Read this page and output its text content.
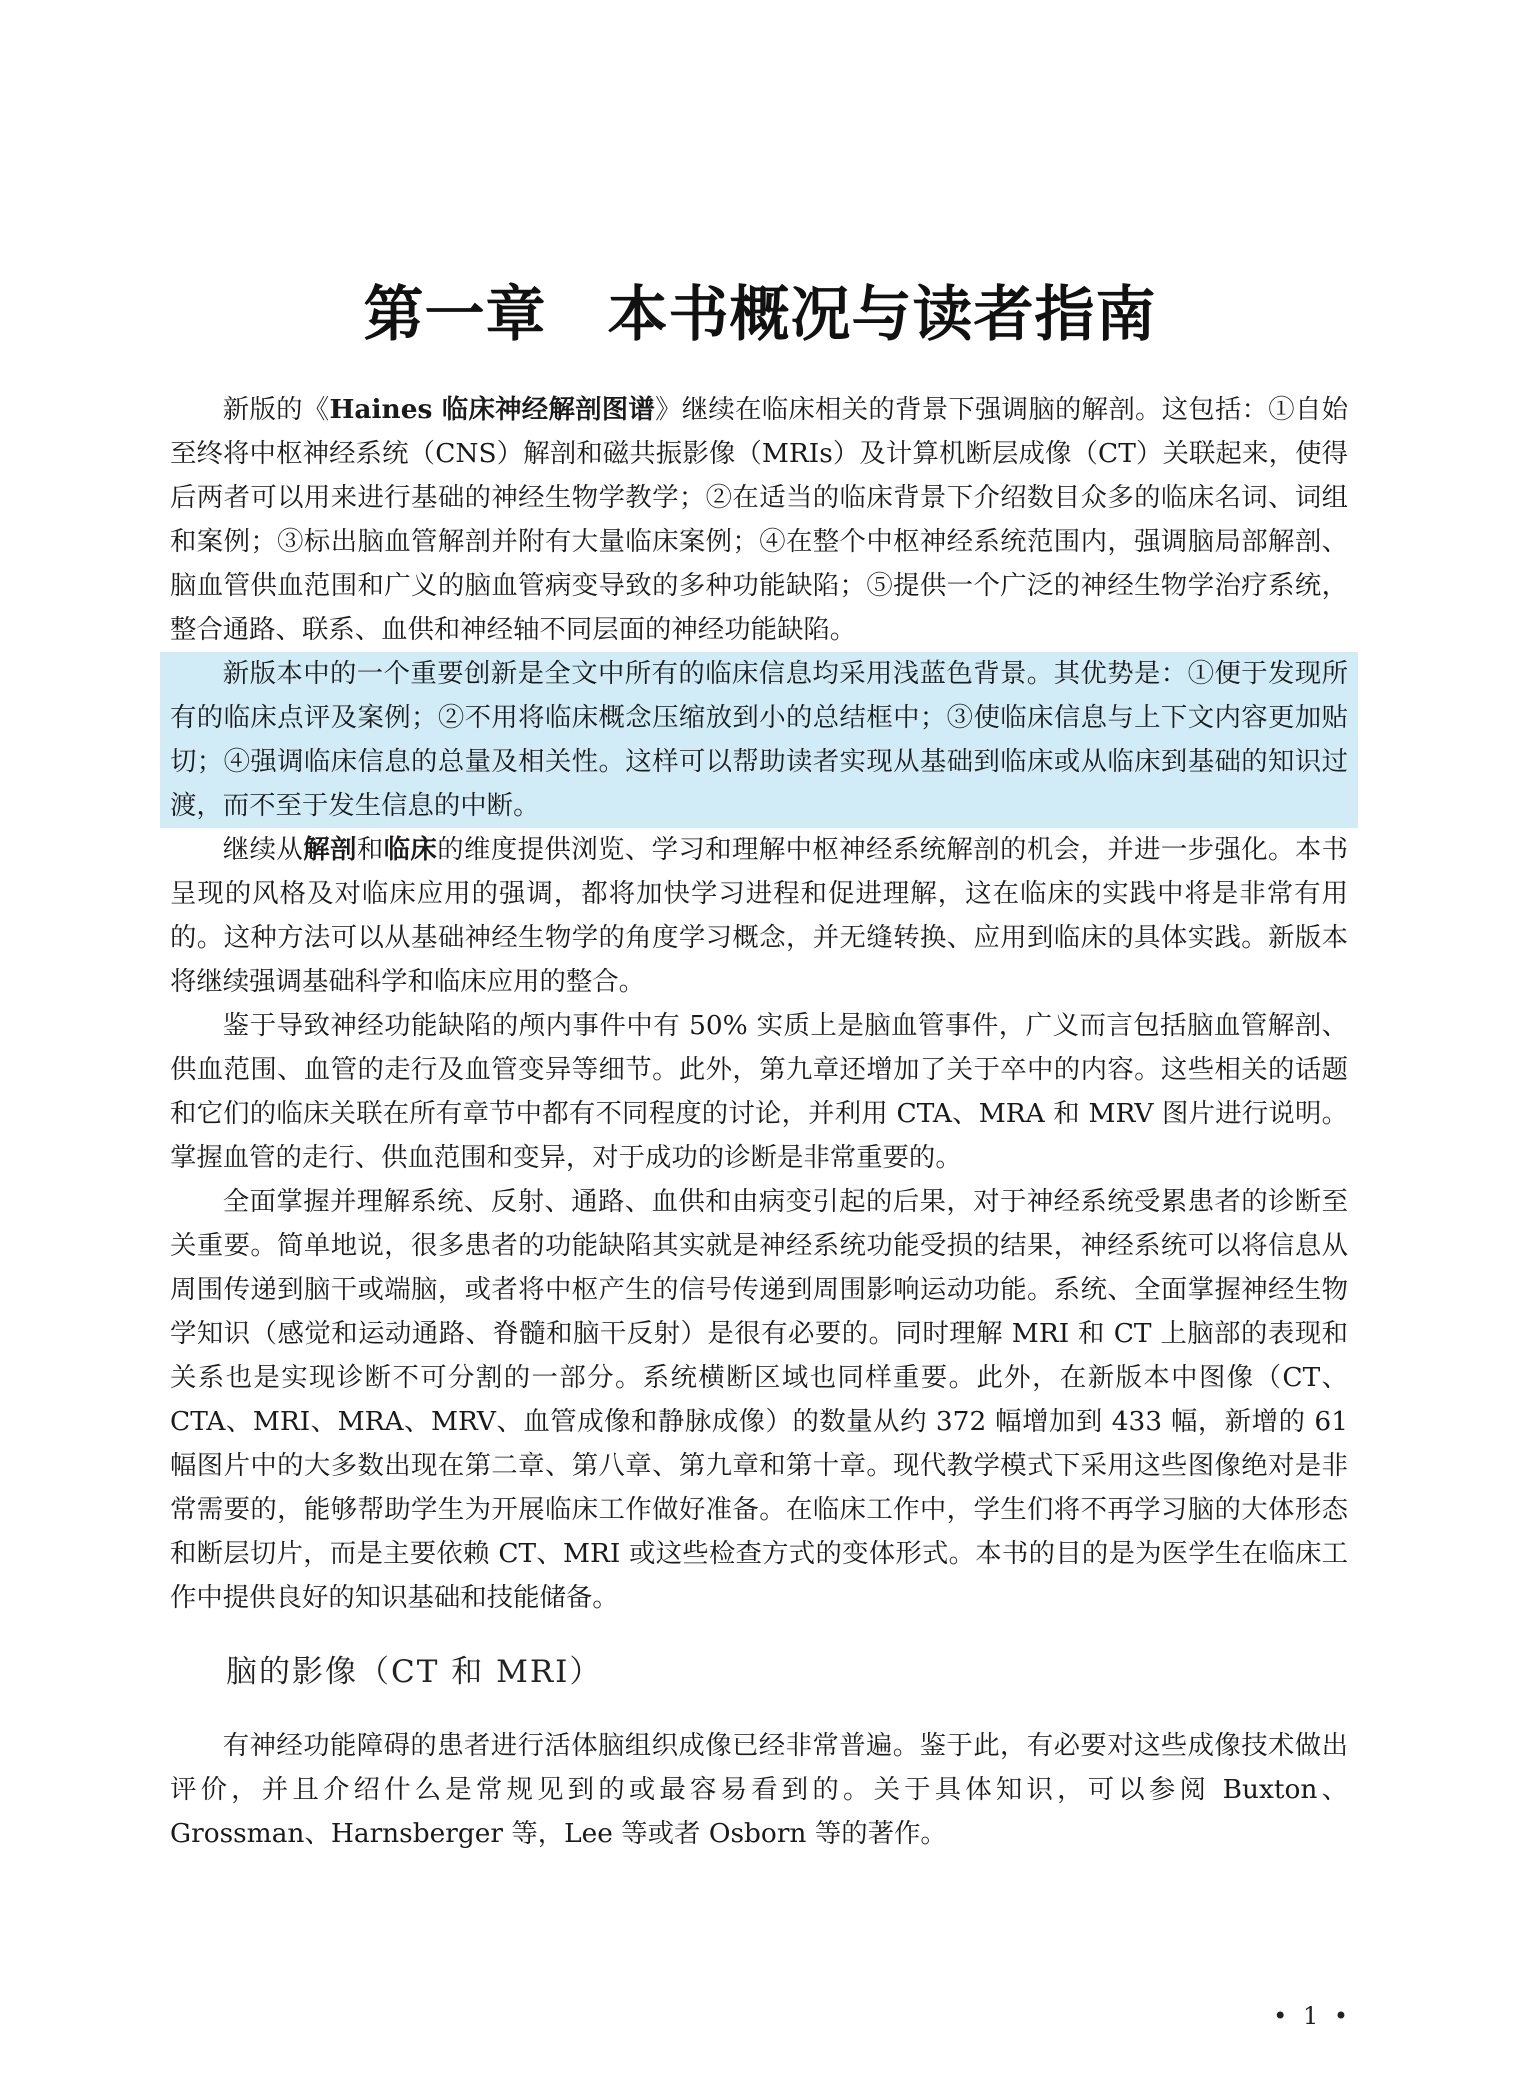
第一章　本书概况与读者指南

新版的《Haines 临床神经解剖图谱》继续在临床相关的背景下强调脑的解剖。这包括：①自始至终将中枢神经系统（CNS）解剖和磁共振影像（MRIs）及计算机断层成像（CT）关联起来，使得后两者可以用来进行基础的神经生物学教学；②在适当的临床背景下介绍数目众多的临床名词、词组和案例；③标出脑血管解剖并附有大量临床案例；④在整个中枢神经系统范围内，强调脑局部解剖、脑血管供血范围和广义的脑血管病变导致的多种功能缺陷；⑤提供一个广泛的神经生物学治疗系统，整合通路、联系、血供和神经轴不同层面的神经功能缺陷。

新版本中的一个重要创新是全文中所有的临床信息均采用浅蓝色背景。其优势是：①便于发现所有的临床点评及案例；②不用将临床概念压缩放到小的总结框中；③使临床信息与上下文内容更加贴切；④强调临床信息的总量及相关性。这样可以帮助读者实现从基础到临床或从临床到基础的知识过渡，而不至于发生信息的中断。

继续从解剖和临床的维度提供浏览、学习和理解中枢神经系统解剖的机会，并进一步强化。本书呈现的风格及对临床应用的强调，都将加快学习进程和促进理解，这在临床的实践中将是非常有用的。这种方法可以从基础神经生物学的角度学习概念，并无缝转换、应用到临床的具体实践。新版本将继续强调基础科学和临床应用的整合。

鉴于导致神经功能缺陷的颅内事件中有 50% 实质上是脑血管事件，广义而言包括脑血管解剖、供血范围、血管的走行及血管变异等细节。此外，第九章还增加了关于卒中的内容。这些相关的话题和它们的临床关联在所有章节中都有不同程度的讨论，并利用 CTA、MRA 和 MRV 图片进行说明。掌握血管的走行、供血范围和变异，对于成功的诊断是非常重要的。

全面掌握并理解系统、反射、通路、血供和由病变引起的后果，对于神经系统受累患者的诊断至关重要。简单地说，很多患者的功能缺陷其实就是神经系统功能受损的结果，神经系统可以将信息从周围传递到脑干或端脑，或者将中枢产生的信号传递到周围影响运动功能。系统、全面掌握神经生物学知识（感觉和运动通路、脊髓和脑干反射）是很有必要的。同时理解 MRI 和 CT 上脑部的表现和关系也是实现诊断不可分割的一部分。系统横断区域也同样重要。此外，在新版本中图像（CT、CTA、MRI、MRA、MRV、血管成像和静脉成像）的数量从约 372 幅增加到 433 幅，新增的 61 幅图片中的大多数出现在第二章、第八章、第九章和第十章。现代教学模式下采用这些图像绝对是非常需要的，能够帮助学生为开展临床工作做好准备。在临床工作中，学生们将不再学习脑的大体形态和断层切片，而是主要依赖 CT、MRI 或这些检查方式的变体形式。本书的目的是为医学生在临床工作中提供良好的知识基础和技能储备。

脑的影像（CT 和 MRI）

有神经功能障碍的患者进行活体脑组织成像已经非常普遍。鉴于此，有必要对这些成像技术做出评价，并且介绍什么是常规见到的或最容易看到的。关于具体知识，可以参阅 Buxton、Grossman、Harnsberger 等，Lee 等或者 Osborn 等的著作。

• 1 •
